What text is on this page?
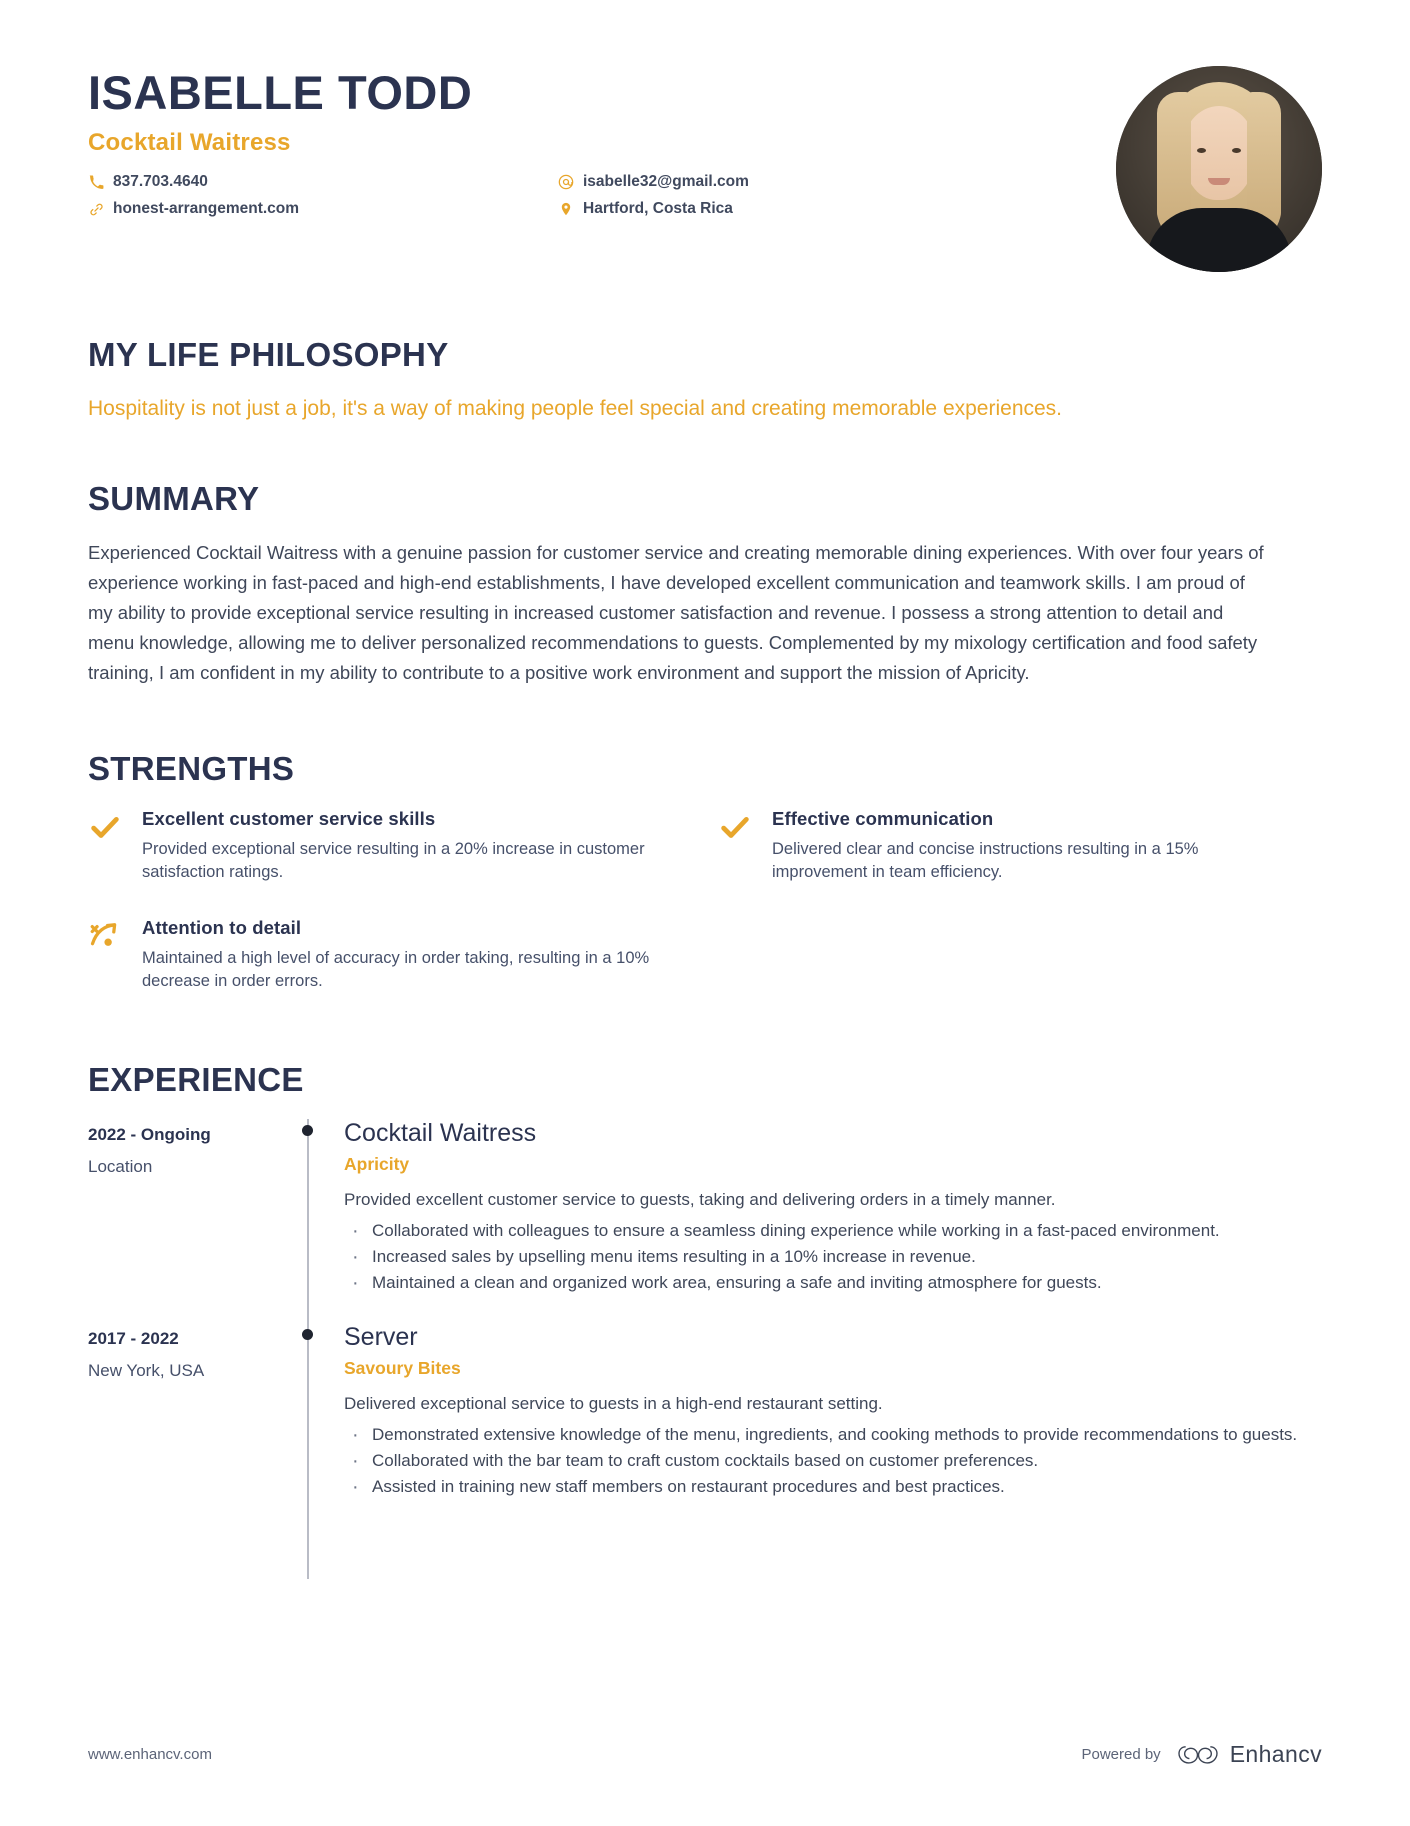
ISABELLE TODD
Cocktail Waitress
837.703.4640	isabelle32@gmail.com
honest-arrangement.com	Hartford, Costa Rica
MY LIFE PHILOSOPHY

Hospitality is not just a job, it's a way of making people feel special and creating memorable experiences.

SUMMARY

Experienced Cocktail Waitress with a genuine passion for customer service and creating memorable dining experiences. With over four years of experience working in fast-paced and high-end establishments, I have developed excellent communication and teamwork skills. I am proud of my ability to provide exceptional service resulting in increased customer satisfaction and revenue. I possess a strong attention to detail and menu knowledge, allowing me to deliver personalized recommendations to guests. Complemented by my mixology certification and food safety training, I am confident in my ability to contribute to a positive work environment and support the mission of Apricity.

STRENGTHS
Excellent customer service skills

Provided exceptional service resulting in a 20% increase in customer satisfaction ratings.

Effective communication

Delivered clear and concise instructions resulting in a 15% improvement in team efficiency.

Attention to detail

Maintained a high level of accuracy in order taking, resulting in a 10% decrease in order errors.

EXPERIENCE
2022 - Ongoing
Location
Cocktail Waitress
Apricity

Provided excellent customer service to guests, taking and delivering orders in a timely manner.

· Collaborated with colleagues to ensure a seamless dining experience while working in a fast-paced environment.
· Increased sales by upselling menu items resulting in a 10% increase in revenue.
· Maintained a clean and organized work area, ensuring a safe and inviting atmosphere for guests.
2017 - 2022
New York, USA
Server
Savoury Bites

Delivered exceptional service to guests in a high-end restaurant setting.

· Demonstrated extensive knowledge of the menu, ingredients, and cooking methods to provide recommendations to guests.
· Collaborated with the bar team to craft custom cocktails based on customer preferences.
· Assisted in training new staff members on restaurant procedures and best practices.
www.enhancv.com	Powered by	Enhancv
